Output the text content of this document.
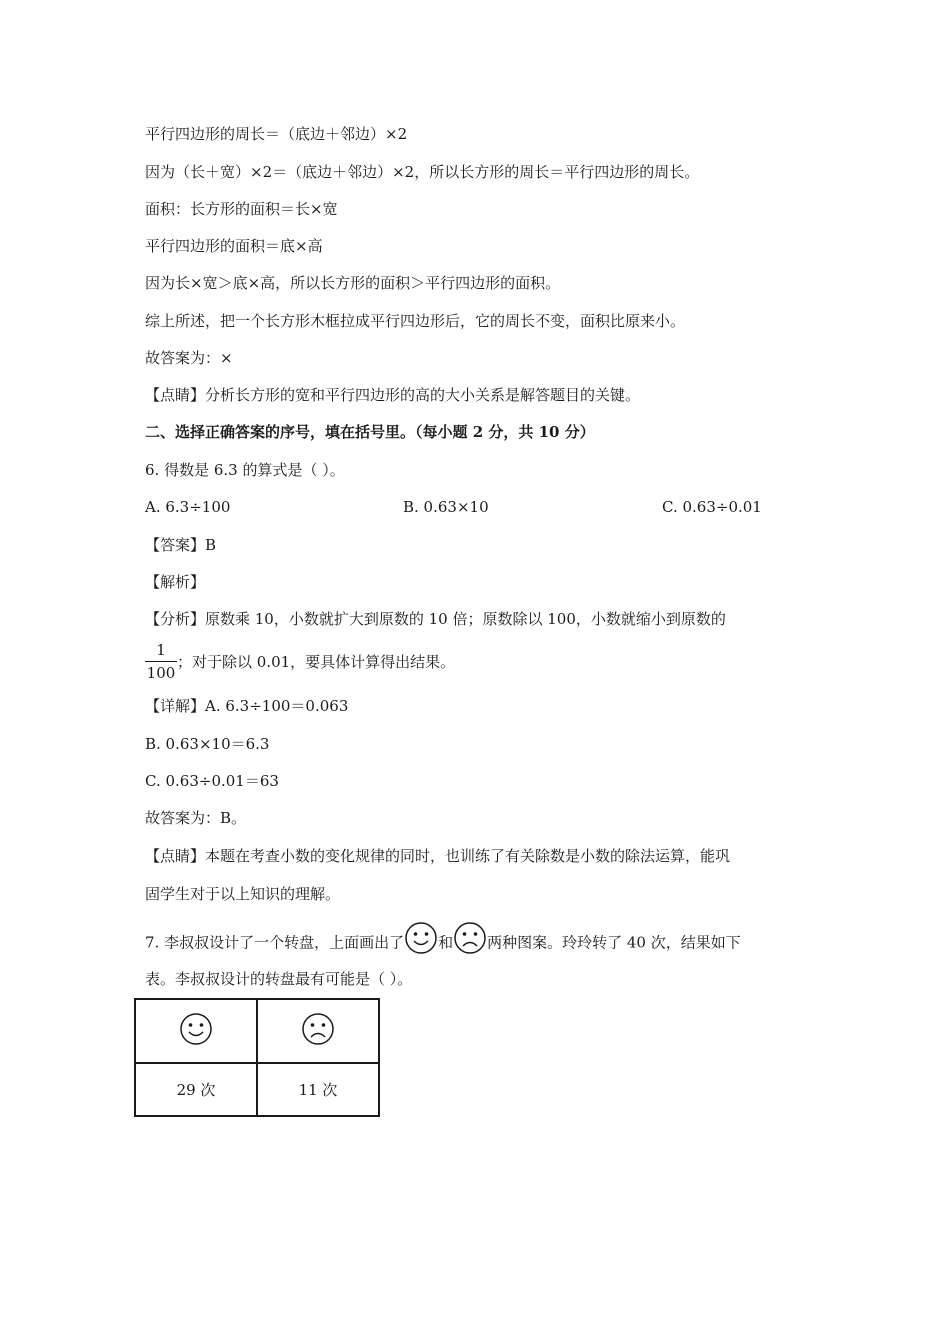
平行四边形的周长＝（底边＋邻边）×2
因为（长＋宽）×2＝（底边＋邻边）×2，所以长方形的周长＝平行四边形的周长。
面积：长方形的面积＝长×宽
平行四边形的面积＝底×高
因为长×宽＞底×高，所以长方形的面积＞平行四边形的面积。
综上所述，把一个长方形木框拉成平行四边形后，它的周长不变，面积比原来小。
故答案为：×
【点睛】分析长方形的宽和平行四边形的高的大小关系是解答题目的关键。
二、选择正确答案的序号，填在括号里。（每小题 2 分，共 10 分）
6. 得数是 6.3 的算式是（ ）。
A. 6.3÷100	B. 0.63×10	C. 0.63÷0.01
【答案】B
【解析】
【分析】原数乘 10，小数就扩大到原数的 10 倍；原数除以 100，小数就缩小到原数的
1
100
；对于除以 0.01，要具体计算得出结果。
【详解】A. 6.3÷100＝0.063
B. 0.63×10＝6.3
C. 0.63÷0.01＝63
故答案为：B。
【点睛】本题在考查小数的变化规律的同时，也训练了有关除数是小数的除法运算，能巩
固学生对于以上知识的理解。
7. 李叔叔设计了一个转盘，上面画出了 和 两种图案。玲玲转了 40 次，结果如下
表。李叔叔设计的转盘最有可能是（ ）。

29 次	11 次
